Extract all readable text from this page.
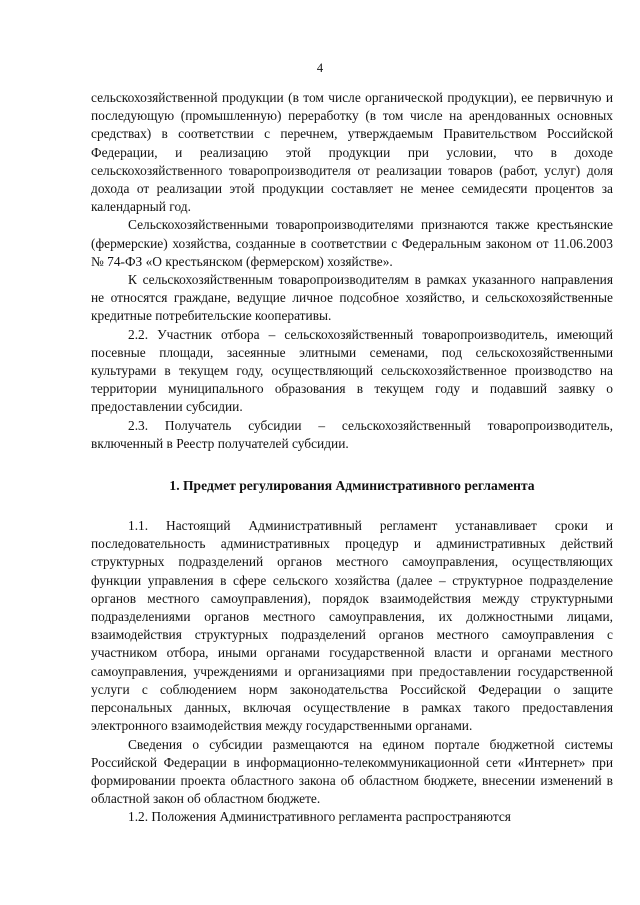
4

сельскохозяйственной продукции (в том числе органической продукции), ее первичную и последующую (промышленную) переработку (в том числе на арендованных основных средствах) в соответствии с перечнем, утверждаемым Правительством Российской Федерации, и реализацию этой продукции при условии, что в доходе сельскохозяйственного товаропроизводителя от реализации товаров (работ, услуг) доля дохода от реализации этой продукции составляет не менее семидесяти процентов за календарный год.

Сельскохозяйственными товаропроизводителями признаются также крестьянские (фермерские) хозяйства, созданные в соответствии с Федеральным законом от 11.06.2003 № 74-ФЗ «О крестьянском (фермерском) хозяйстве».

К сельскохозяйственным товаропроизводителям в рамках указанного направления не относятся граждане, ведущие личное подсобное хозяйство, и сельскохозяйственные кредитные потребительские кооперативы.

2.2. Участник отбора – сельскохозяйственный товаропроизводитель, имеющий посевные площади, засеянные элитными семенами, под сельскохозяйственными культурами в текущем году, осуществляющий сельскохозяйственное производство на территории муниципального образования в текущем году и подавший заявку о предоставлении субсидии.

2.3. Получатель субсидии – сельскохозяйственный товаропроизводитель, включенный в Реестр получателей субсидии.

1. Предмет регулирования Административного регламента

1.1. Настоящий Административный регламент устанавливает сроки и последовательность административных процедур и административных действий структурных подразделений органов местного самоуправления, осуществляющих функции управления в сфере сельского хозяйства (далее – структурное подразделение органов местного самоуправления), порядок взаимодействия между структурными подразделениями органов местного самоуправления, их должностными лицами, взаимодействия структурных подразделений органов местного самоуправления с участником отбора, иными органами государственной власти и органами местного самоуправления, учреждениями и организациями при предоставлении государственной услуги с соблюдением норм законодательства Российской Федерации о защите персональных данных, включая осуществление в рамках такого предоставления электронного взаимодействия между государственными органами.

Сведения о субсидии размещаются на едином портале бюджетной системы Российской Федерации в информационно-телекоммуникационной сети «Интернет» при формировании проекта областного закона об областном бюджете, внесении изменений в областной закон об областном бюджете.

1.2. Положения Административного регламента распространяются
